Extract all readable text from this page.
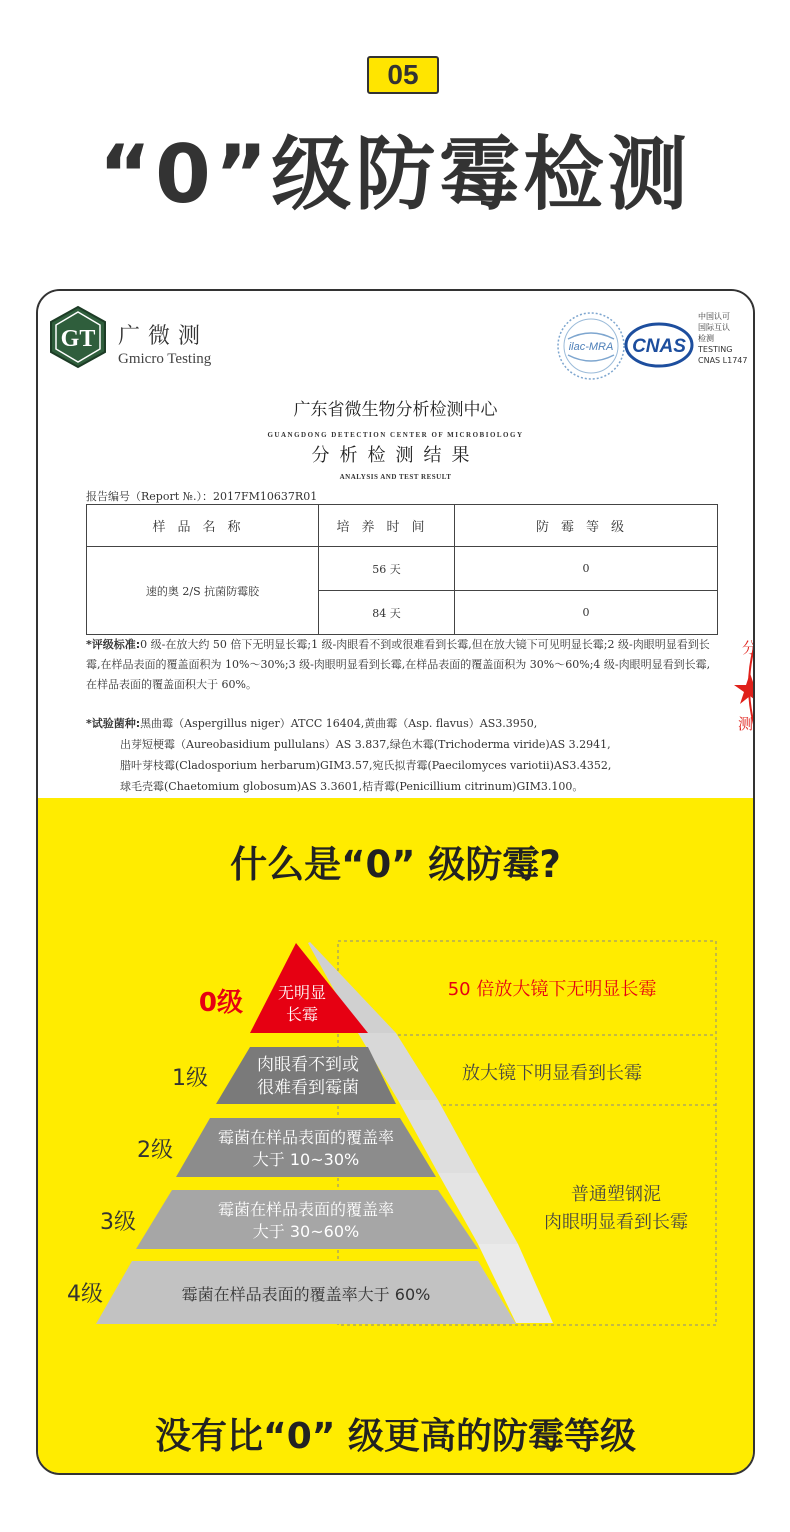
05
“0”级防霉检测
GT 广微测
Gmicro Testing
ilac-MRA CNAS
中国认可
国际互认
检测
TESTING
CNAS L1747
广东省微生物分析检测中心
GUANGDONG DETECTION CENTER OF MICROBIOLOGY
分析检测结果
ANALYSIS AND TEST RESULT
报告编号（Report №.）：2017FM10637R01
样品名称	培养时间	防霉等级
速的奥 2/S 抗菌防霉胶	56 天	0
	84 天	0
*评级标准:0 级-在放大约 50 倍下无明显长霉;1 级-肉眼看不到或很难看到长霉,但在放大镜下可见明显长霉;2 级-肉眼明显看到长霉,在样品表面的覆盖面积为 10%～30%;3 级-肉眼明显看到长霉,在样品表面的覆盖面积为 30%～60%;4 级-肉眼明显看到长霉,在样品表面的覆盖面积大于 60%。
*试验菌种:黑曲霉（Aspergillus niger）ATCC 16404,黄曲霉（Asp. flavus）AS3.3950,
出芽短梗霉（Aureobasidium pullulans）AS 3.837,绿色木霉(Trichoderma viride)AS 3.2941,
腊叶芽枝霉(Cladosporium herbarum)GIM3.57,宛氏拟青霉(Paecilomyces variotii)AS3.4352,
球毛壳霉(Chaetomium globosum)AS 3.3601,桔青霉(Penicillium citrinum)GIM3.100。
分
测
什么是“0” 级防霉?
无明显
长霉
肉眼看不到或
很难看到霉菌
霉菌在样品表面的覆盖率
大于 10~30%
霉菌在样品表面的覆盖率
大于 30~60%
霉菌在样品表面的覆盖率大于 60%
0级
1级
2级
3级
4级
50 倍放大镜下无明显长霉
放大镜下明显看到长霉
普通塑钢泥
肉眼明显看到长霉
没有比“0” 级更高的防霉等级
